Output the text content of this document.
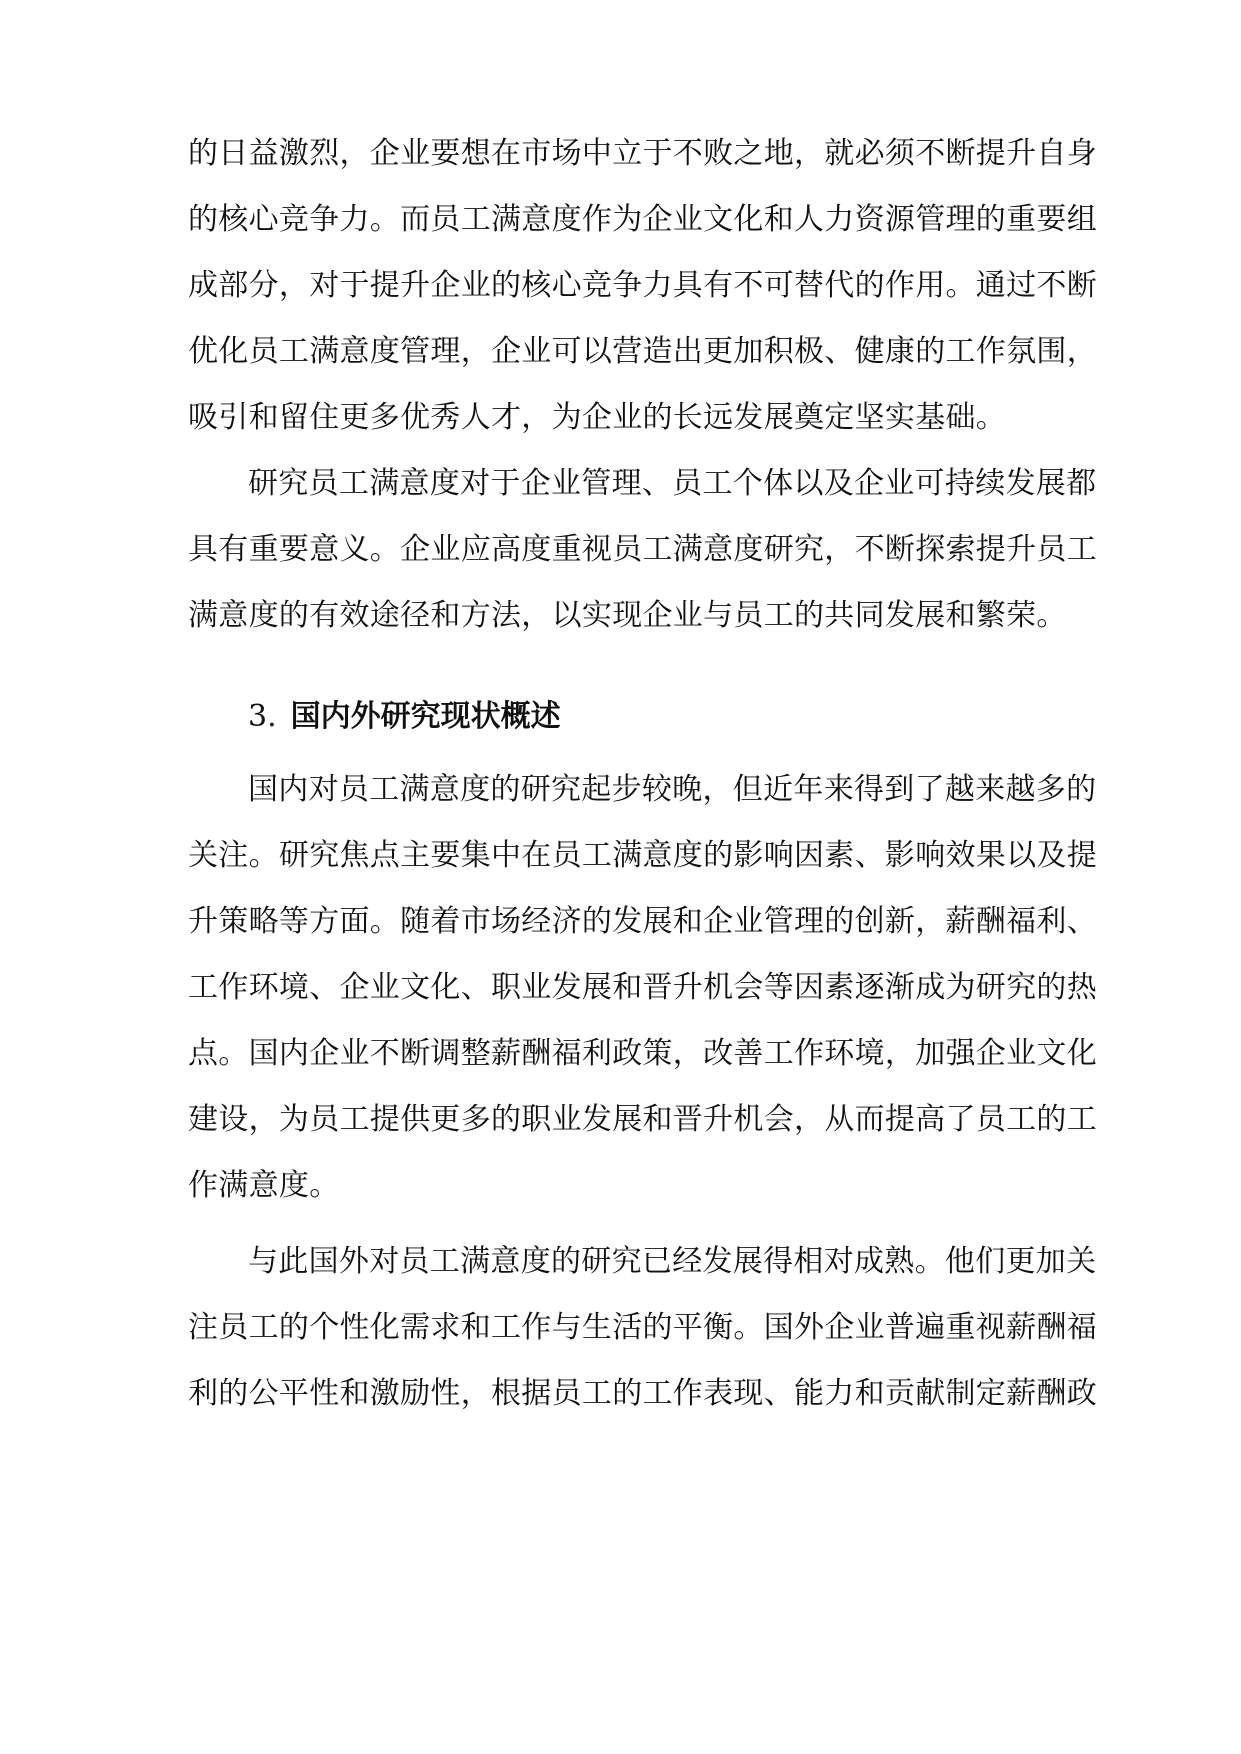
的日益激烈，企业要想在市场中立于不败之地，就必须不断提升自身
的核心竞争力。而员工满意度作为企业文化和人力资源管理的重要组
成部分，对于提升企业的核心竞争力具有不可替代的作用。通过不断
优化员工满意度管理，企业可以营造出更加积极、健康的工作氛围，
吸引和留住更多优秀人才，为企业的长远发展奠定坚实基础。
研究员工满意度对于企业管理、员工个体以及企业可持续发展都
具有重要意义。企业应高度重视员工满意度研究，不断探索提升员工
满意度的有效途径和方法，以实现企业与员工的共同发展和繁荣。
3. 国内外研究现状概述
国内对员工满意度的研究起步较晚，但近年来得到了越来越多的
关注。研究焦点主要集中在员工满意度的影响因素、影响效果以及提
升策略等方面。随着市场经济的发展和企业管理的创新，薪酬福利、
工作环境、企业文化、职业发展和晋升机会等因素逐渐成为研究的热
点。国内企业不断调整薪酬福利政策，改善工作环境，加强企业文化
建设，为员工提供更多的职业发展和晋升机会，从而提高了员工的工
作满意度。
与此国外对员工满意度的研究已经发展得相对成熟。他们更加关
注员工的个性化需求和工作与生活的平衡。国外企业普遍重视薪酬福
利的公平性和激励性，根据员工的工作表现、能力和贡献制定薪酬政
